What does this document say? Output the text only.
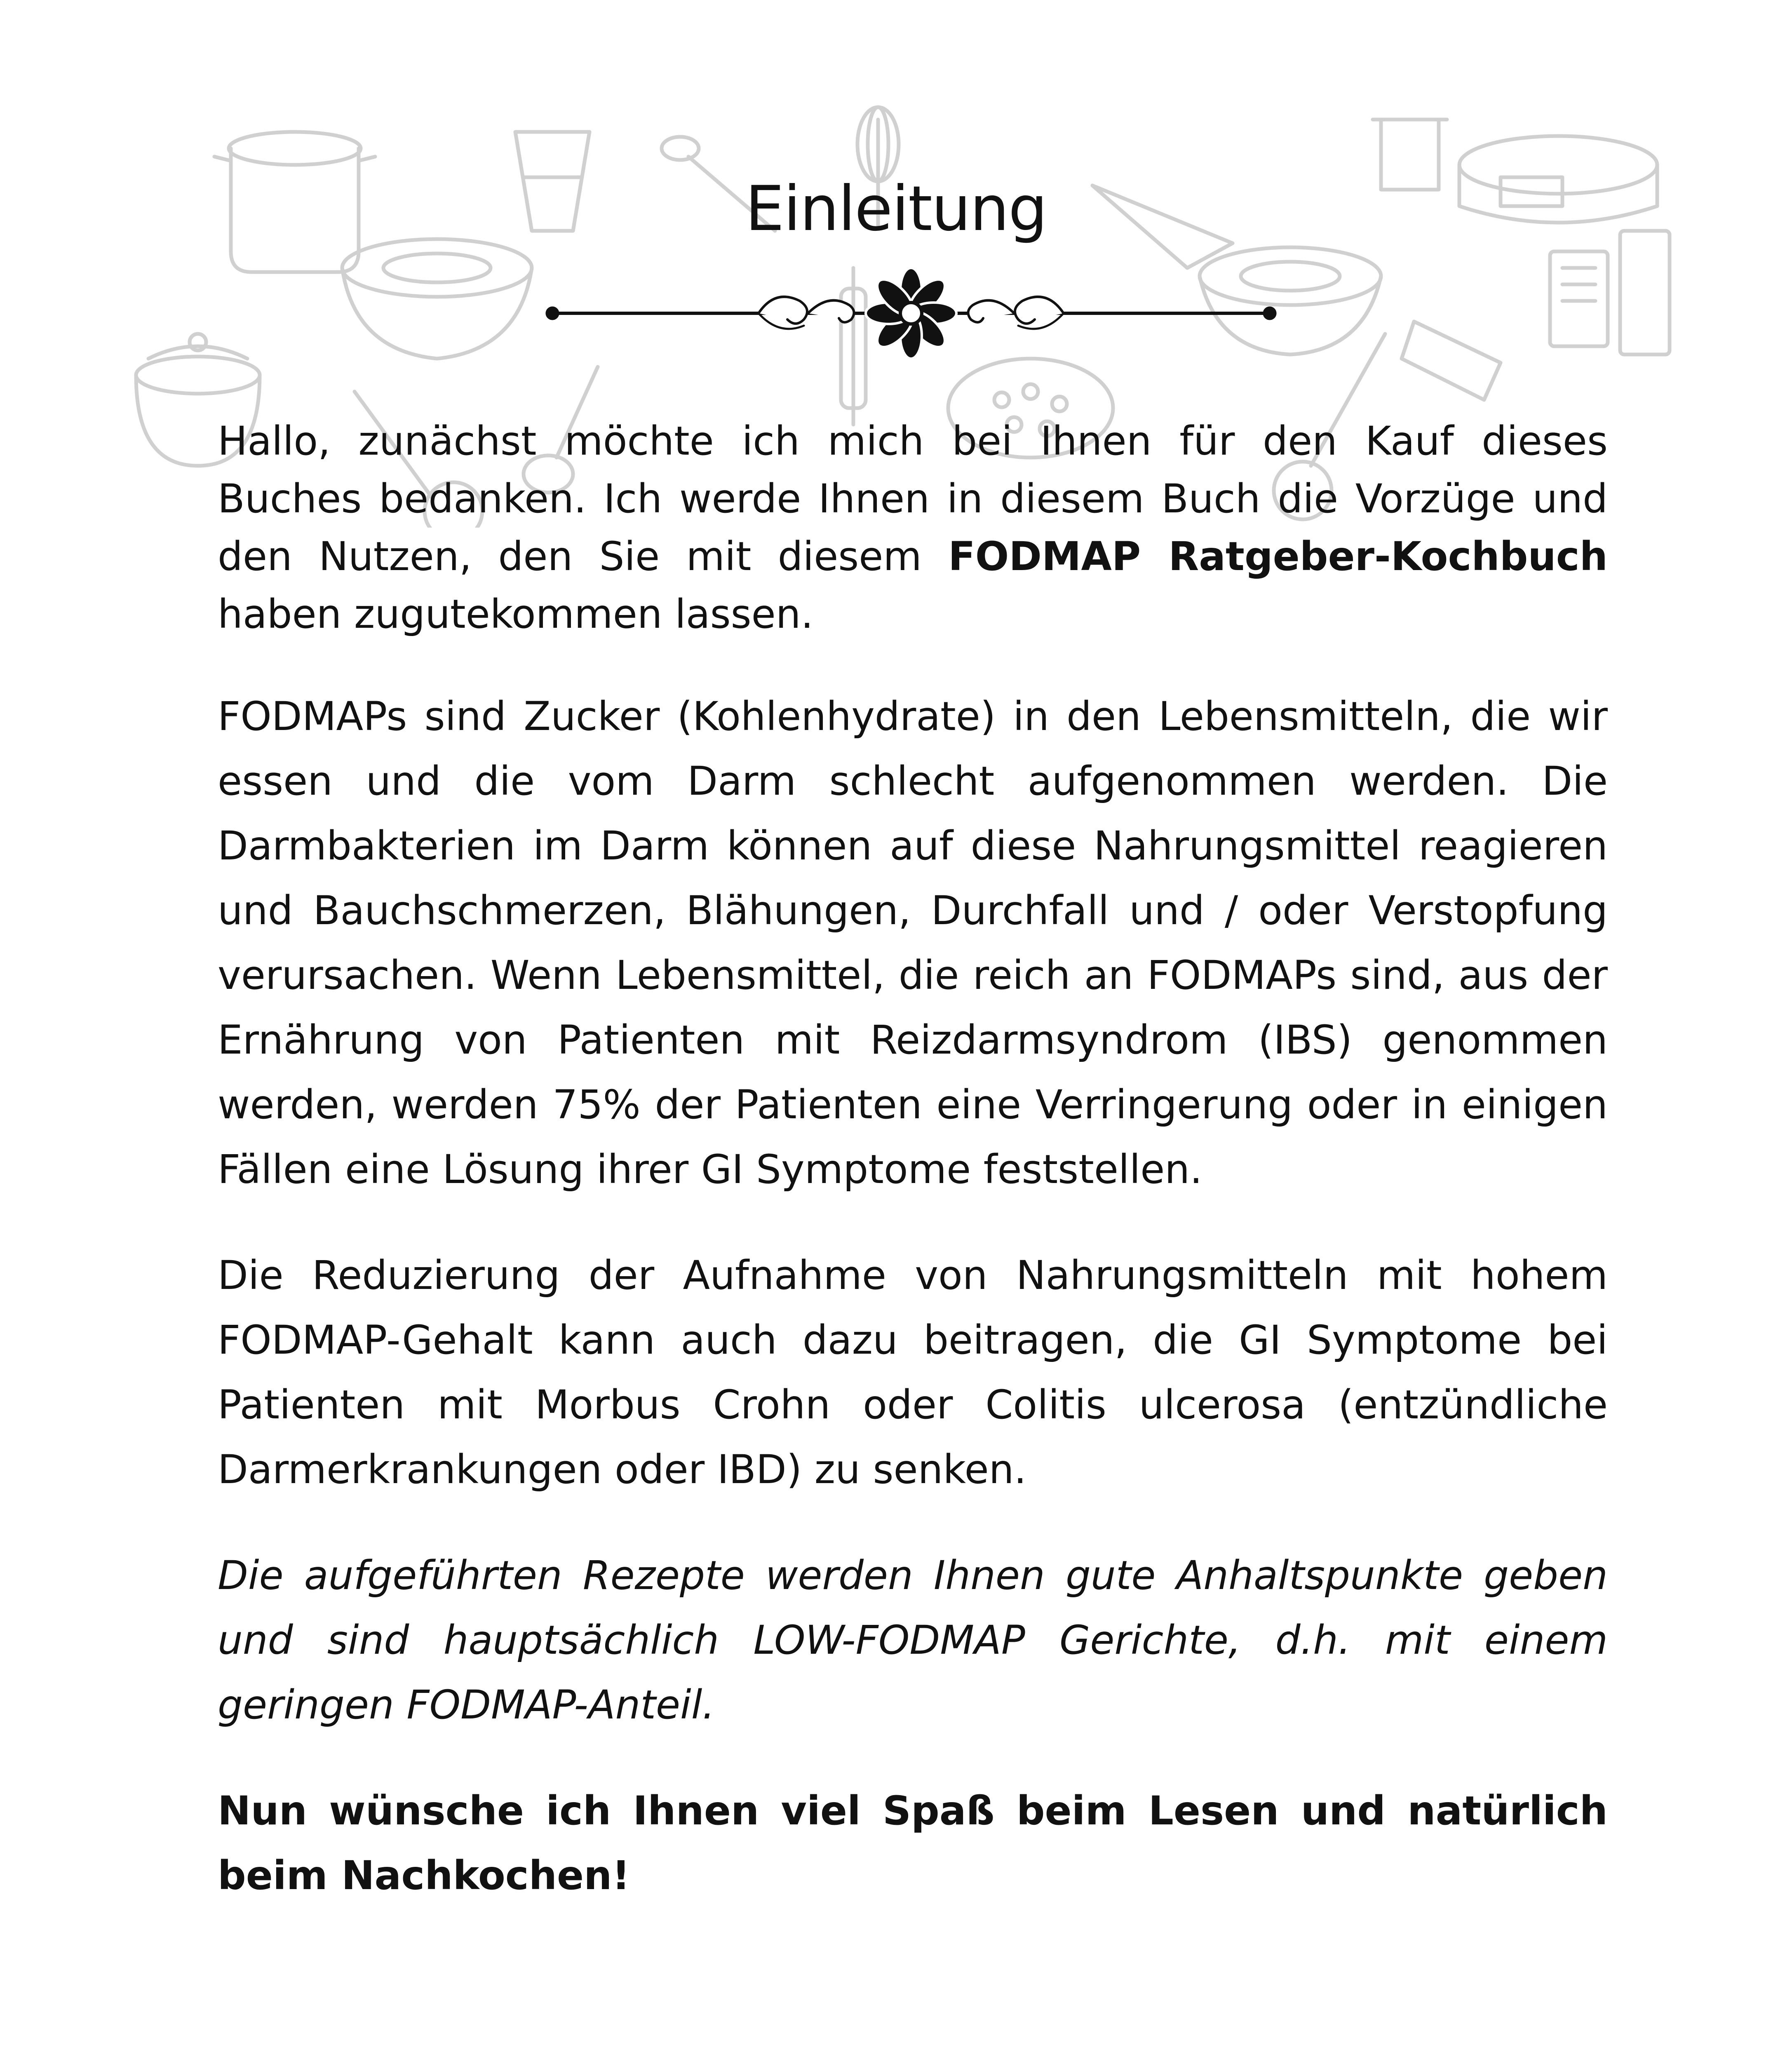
Einleitung

Hallo, zunächst möchte ich mich bei Ihnen für den Kauf dieses Buches bedanken. Ich werde Ihnen in diesem Buch die Vorzüge und den Nutzen, den Sie mit diesem FODMAP Ratgeber-Kochbuch haben zugutekommen lassen.

FODMAPs sind Zucker (Kohlenhydrate) in den Lebensmitteln, die wir essen und die vom Darm schlecht aufgenommen werden. Die Darmbakterien im Darm können auf diese Nahrungsmittel reagieren und Bauchschmerzen, Blähungen, Durchfall und / oder Verstopfung verursachen. Wenn Lebensmittel, die reich an FODMAPs sind, aus der Ernährung von Patienten mit Reizdarmsyndrom (IBS) genommen werden, werden 75% der Patienten eine Verringerung oder in einigen Fällen eine Lösung ihrer GI Symptome feststellen.

Die Reduzierung der Aufnahme von Nahrungsmitteln mit hohem FODMAP-Gehalt kann auch dazu beitragen, die GI Symptome bei Patienten mit Morbus Crohn oder Colitis ulcerosa (entzündliche Darmerkrankungen oder IBD) zu senken.

Die aufgeführten Rezepte werden Ihnen gute Anhaltspunkte geben und sind hauptsächlich LOW-FODMAP Gerichte, d.h. mit einem geringen FODMAP-Anteil.

Nun wünsche ich Ihnen viel Spaß beim Lesen und natürlich beim Nachkochen!
